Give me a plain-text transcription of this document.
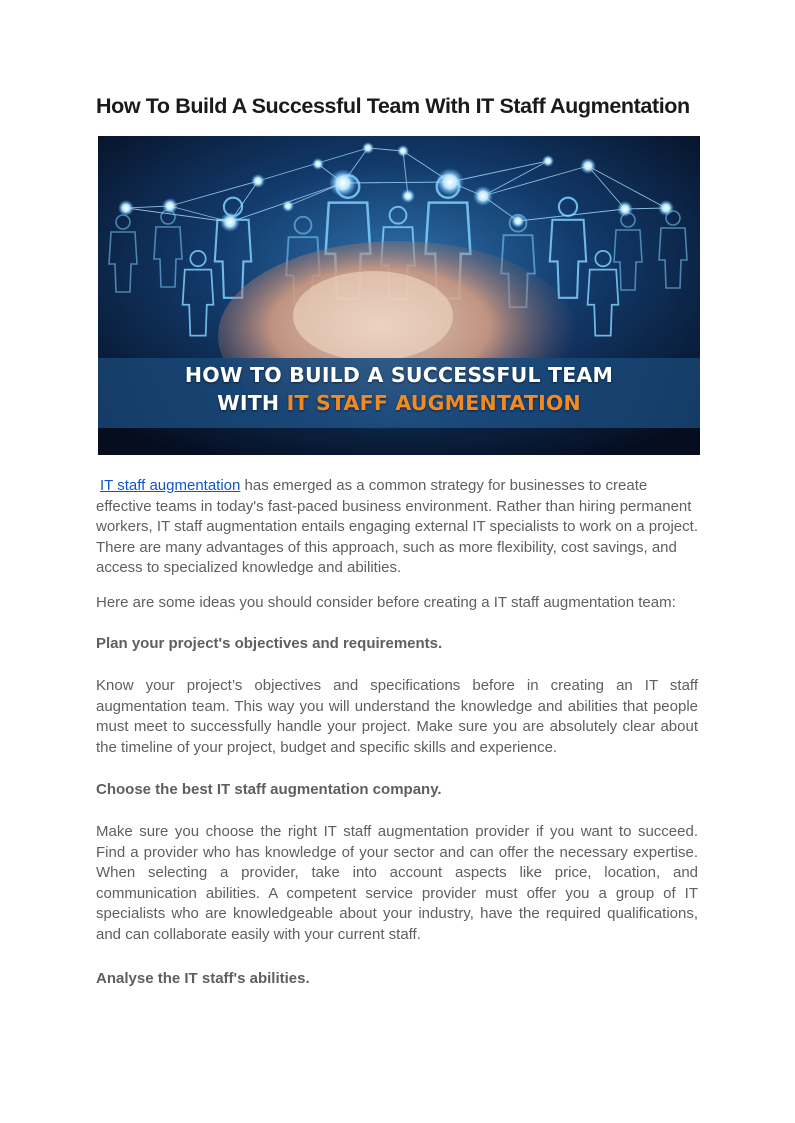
How To Build A Successful Team With IT Staff Augmentation
HOW TO BUILD A SUCCESSFUL TEAM
WITH IT STAFF AUGMENTATION

IT staff augmentation has emerged as a common strategy for businesses to create effective teams in today's fast-paced business environment. Rather than hiring permanent workers, IT staff augmentation entails engaging external IT specialists to work on a project. There are many advantages of this approach, such as more flexibility, cost savings, and access to specialized knowledge and abilities.

Here are some ideas you should consider before creating a IT staff augmentation team:

Plan your project's objectives and requirements.

Know your project’s objectives and specifications before in creating an IT staff augmentation team. This way you will understand the knowledge and abilities that people must meet to successfully handle your project. Make sure you are absolutely clear about the timeline of your project, budget and specific skills and experience.

Choose the best IT staff augmentation company.

Make sure you choose the right IT staff augmentation provider if you want to succeed. Find a provider who has knowledge of your sector and can offer the necessary expertise. When selecting a provider, take into account aspects like price, location, and communication abilities. A competent service provider must offer you a group of IT specialists who are knowledgeable about your industry, have the required qualifications, and can collaborate easily with your current staff.

Analyse the IT staff's abilities.
